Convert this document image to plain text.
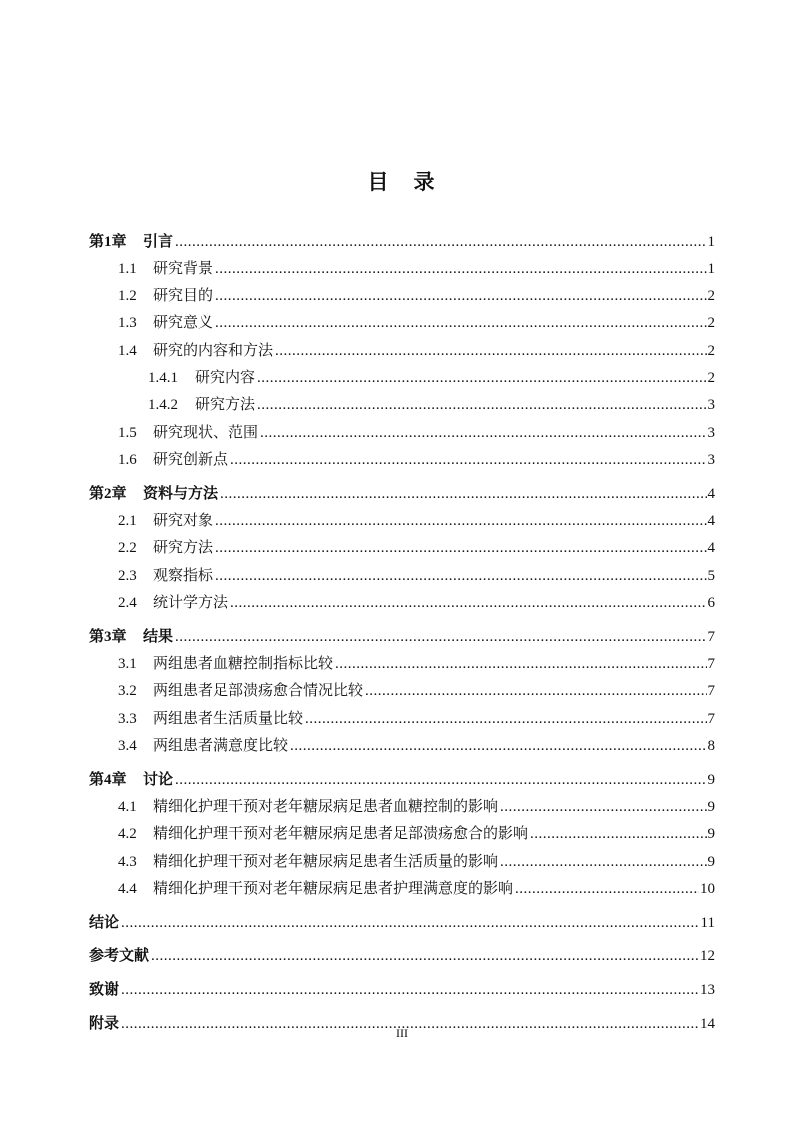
目　录
第1章	引言 .....	1
1.1	研究背景 .....	1
1.2	研究目的 .....	2
1.3	研究意义 .....	2
1.4	研究的内容和方法 .....	2
1.4.1	研究内容 .....	2
1.4.2	研究方法 .....	3
1.5	研究现状、范围 .....	3
1.6	研究创新点 .....	3
第2章	资料与方法 .....	4
2.1	研究对象 .....	4
2.2	研究方法 .....	4
2.3	观察指标 .....	5
2.4	统计学方法 .....	6
第3章	结果 .....	7
3.1	两组患者血糖控制指标比较 .....	7
3.2	两组患者足部溃疡愈合情况比较 .....	7
3.3	两组患者生活质量比较 .....	7
3.4	两组患者满意度比较 .....	8
第4章	讨论 .....	9
4.1	精细化护理干预对老年糖尿病足患者血糖控制的影响 .....	9
4.2	精细化护理干预对老年糖尿病足患者足部溃疡愈合的影响 .....	9
4.3	精细化护理干预对老年糖尿病足患者生活质量的影响 .....	9
4.4	精细化护理干预对老年糖尿病足患者护理满意度的影响 .....	10
结论 .....	11
参考文献 .....	12
致谢 .....	13
附录 .....	14
III
